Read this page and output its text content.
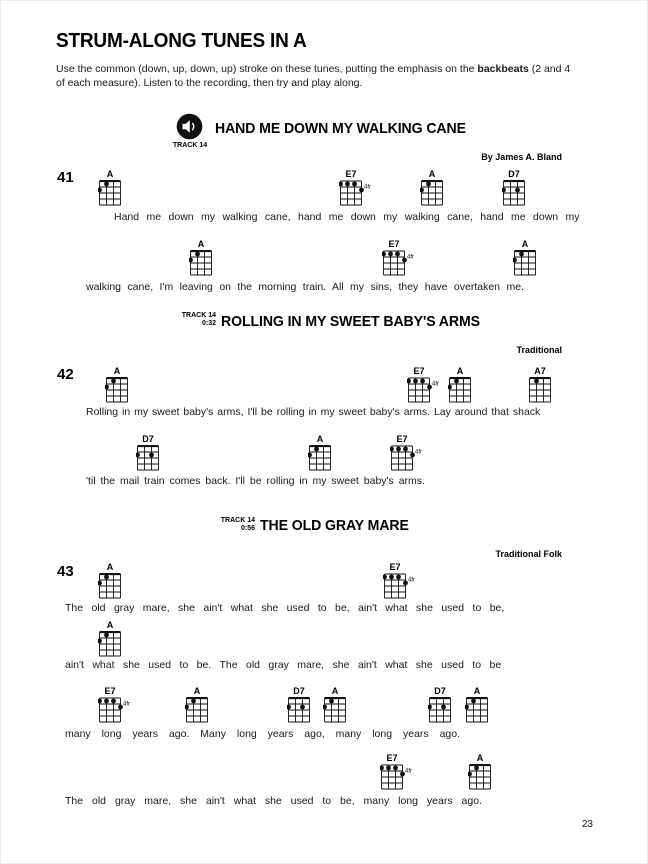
STRUM-ALONG TUNES IN A

Use the common (down, up, down, up) stroke on these tunes, putting the emphasis on the backbeats (2 and 4 of each measure). Listen to the recording, then try and play along.

23
41
TRACK 14
HAND ME DOWN MY WALKING CANE
By James A. Bland
A	E7
4fr
A	D7
Hand me down my walking cane, hand me down my walking cane, hand me down my
A	E7
4fr
A
walking cane, I'm leaving on the morning train. All my sins, they have overtaken me.
42
TRACK 14
0:32 ROLLING IN MY SWEET BABY'S ARMS
Traditional
A	E7
4fr
A	A7
Rolling in my sweet baby's arms, I'll be rolling in my sweet baby's arms. Lay around that shack
D7	A	E7
4fr
'til the mail train comes back. I'll be rolling in my sweet baby's arms.
43
TRACK 14
0:56 THE OLD GRAY MARE
Traditional Folk
A	E7
4fr
The old gray mare, she ain't what she used to be, ain't what she used to be,
A
ain't what she used to be. The old gray mare, she ain't what she used to be
E7
4fr
A	D7	A	D7	A
many long years ago. Many long years ago, many long years ago.
E7
4fr
A
The old gray mare, she ain't what she used to be, many long years ago.
